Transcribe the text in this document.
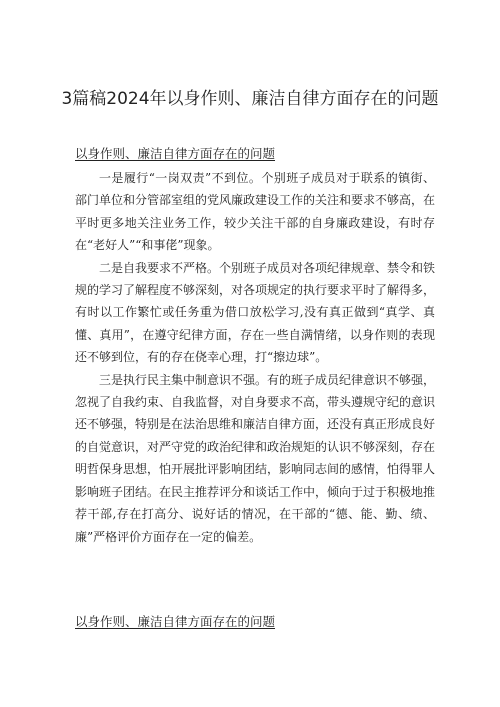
3篇稿2024年以身作则、廉洁自律方面存在的问题
以身作则、廉洁自律方面存在的问题

一是履行“一岗双责”不到位。个别班子成员对于联系的镇街、部门单位和分管部室组的党风廉政建设工作的关注和要求不够高，在平时更多地关注业务工作，较少关注干部的自身廉政建设，有时存在“老好人”“和事佬”现象。

二是自我要求不严格。个别班子成员对各项纪律规章、禁令和铁规的学习了解程度不够深刻，对各项规定的执行要求平时了解得多，有时以工作繁忙或任务重为借口放松学习,没有真正做到“真学、真懂、真用”，在遵守纪律方面，存在一些自满情绪，以身作则的表现还不够到位，有的存在侥幸心理，打“擦边球”。

三是执行民主集中制意识不强。有的班子成员纪律意识不够强，忽视了自我约束、自我监督，对自身要求不高，带头遵规守纪的意识还不够强，特别是在法治思维和廉洁自律方面，还没有真正形成良好的自觉意识，对严守党的政治纪律和政治规矩的认识不够深刻，存在明哲保身思想，怕开展批评影响团结，影响同志间的感情，怕得罪人影响班子团结。在民主推荐评分和谈话工作中，倾向于过于积极地推荐干部,存在打高分、说好话的情况，在干部的“德、能、勤、绩、廉”严格评价方面存在一定的偏差。

以身作则、廉洁自律方面存在的问题
